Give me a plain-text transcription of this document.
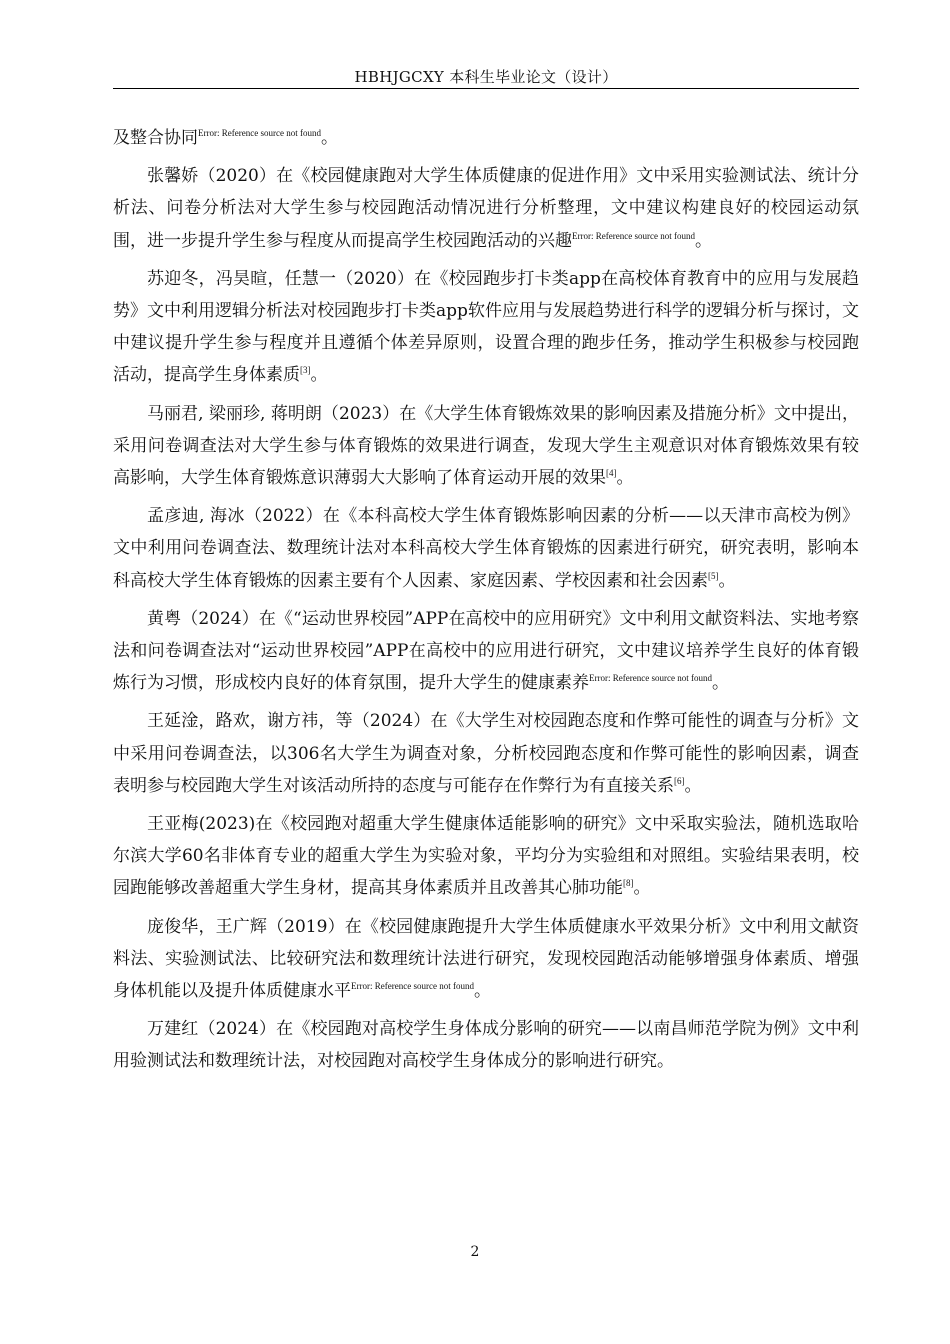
HBHJGCXY 本科生毕业论文（设计）

及整合协同$^{Error: Reference source not found}$。

张馨娇（2020）在《校园健康跑对大学生体质健康的促进作用》文中采用实验测试法、统计分析法、问卷分析法对大学生参与校园跑活动情况进行分析整理，文中建议构建良好的校园运动氛围，进一步提升学生参与程度从而提高学生校园跑活动的兴趣$^{Error: Reference source not found}$。

苏迎冬，冯昊暄，任慧一（2020）在《校园跑步打卡类app在高校体育教育中的应用与发展趋势》文中利用逻辑分析法对校园跑步打卡类app软件应用与发展趋势进行科学的逻辑分析与探讨，文中建议提升学生参与程度并且遵循个体差异原则，设置合理的跑步任务，推动学生积极参与校园跑活动，提高学生身体素质[3]。

马丽君, 梁丽珍, 蒋明朗（2023）在《大学生体育锻炼效果的影响因素及措施分析》文中提出，采用问卷调查法对大学生参与体育锻炼的效果进行调查，发现大学生主观意识对体育锻炼效果有较高影响，大学生体育锻炼意识薄弱大大影响了体育运动开展的效果[4]。

孟彦迪, 海冰（2022）在《本科高校大学生体育锻炼影响因素的分析——以天津市高校为例》文中利用问卷调查法、数理统计法对本科高校大学生体育锻炼的因素进行研究，研究表明，影响本科高校大学生体育锻炼的因素主要有个人因素、家庭因素、学校因素和社会因素[5]。

黄粤（2024）在《“运动世界校园”APP在高校中的应用研究》文中利用文献资料法、实地考察法和问卷调查法对“运动世界校园”APP在高校中的应用进行研究，文中建议培养学生良好的体育锻炼行为习惯，形成校内良好的体育氛围，提升大学生的健康素养$^{Error: Reference source not found}$。

王延淦，路欢，谢方祎，等（2024）在《大学生对校园跑态度和作弊可能性的调查与分析》文中采用问卷调查法，以306名大学生为调查对象，分析校园跑态度和作弊可能性的影响因素，调查表明参与校园跑大学生对该活动所持的态度与可能存在作弊行为有直接关系[6]。

王亚梅(2023)在《校园跑对超重大学生健康体适能影响的研究》文中采取实验法，随机选取哈尔滨大学60名非体育专业的超重大学生为实验对象，平均分为实验组和对照组。实验结果表明，校园跑能够改善超重大学生身材，提高其身体素质并且改善其心肺功能[8]。

庞俊华，王广辉（2019）在《校园健康跑提升大学生体质健康水平效果分析》文中利用文献资料法、实验测试法、比较研究法和数理统计法进行研究，发现校园跑活动能够增强身体素质、增强身体机能以及提升体质健康水平$^{Error: Reference source not found}$。

万建红（2024）在《校园跑对高校学生身体成分影响的研究——以南昌师范学院为例》文中利用验测试法和数理统计法，对校园跑对高校学生身体成分的影响进行研究。

2
